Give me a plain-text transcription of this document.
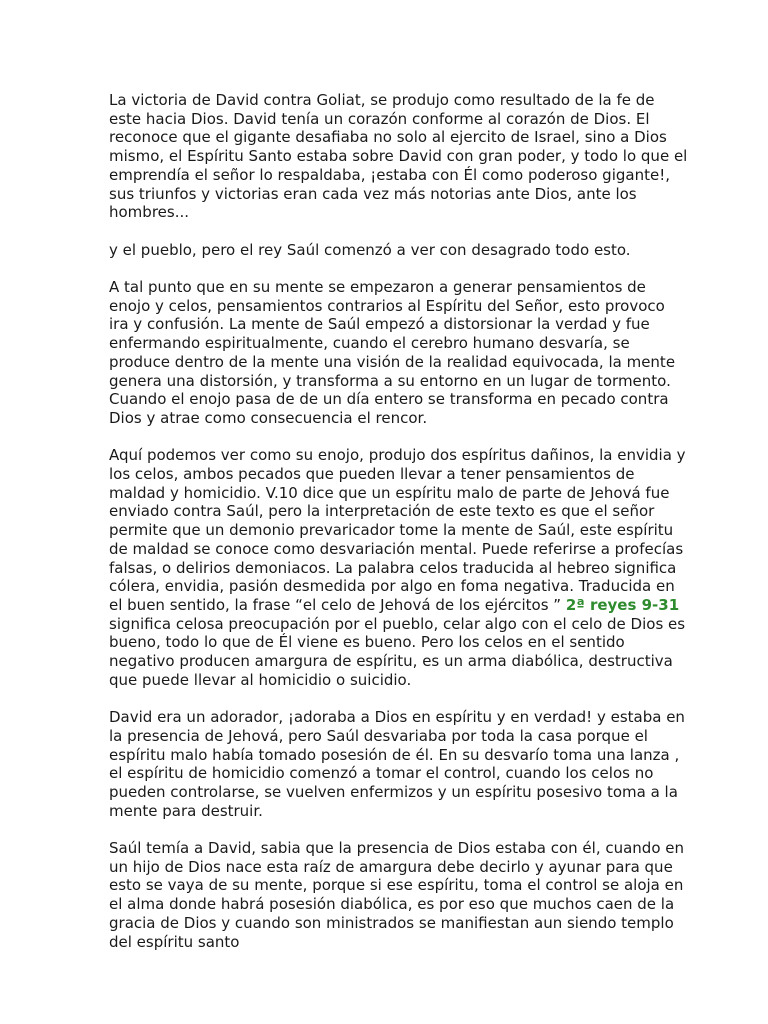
La victoria de David contra Goliat, se produjo como resultado de la fe de este hacia Dios. David tenía un corazón conforme al corazón de Dios. El reconoce que el gigante desafiaba no solo al ejercito de Israel, sino a Dios mismo, el Espíritu Santo estaba sobre David con gran poder, y todo lo que el emprendía el señor lo respaldaba, ¡estaba con Él como poderoso gigante!, sus triunfos y victorias eran cada vez más notorias ante Dios, ante los hombres...

y el pueblo, pero el rey Saúl comenzó a ver con desagrado todo esto.

A tal punto que en su mente se empezaron a generar pensamientos de enojo y celos, pensamientos contrarios al Espíritu del Señor, esto provoco ira y confusión. La mente de Saúl empezó a distorsionar la verdad y fue enfermando espiritualmente, cuando el cerebro humano desvaría, se produce dentro de la mente una visión de la realidad equivocada, la mente genera una distorsión, y transforma a su entorno en un lugar de tormento. Cuando el enojo pasa de de un día entero se transforma en pecado contra Dios y atrae como consecuencia el rencor.

Aquí podemos ver como su enojo, produjo dos espíritus dañinos, la envidia y los celos, ambos pecados que pueden llevar a tener pensamientos de maldad y homicidio. V.10 dice que un espíritu malo de parte de Jehová fue enviado contra Saúl, pero la interpretación de este texto es que el señor permite que un demonio prevaricador tome la mente de Saúl, este espíritu de maldad se conoce como desvariación mental. Puede referirse a profecías falsas, o delirios demoniacos. La palabra celos traducida al hebreo significa cólera, envidia, pasión desmedida por algo en foma negativa. Traducida en el buen sentido, la frase “el celo de Jehová de los ejércitos ” 2ª reyes 9-31 significa celosa preocupación por el pueblo, celar algo con el celo de Dios es bueno, todo lo que de Él viene es bueno. Pero los celos en el sentido negativo producen amargura de espíritu, es un arma diabólica, destructiva que puede llevar al homicidio o suicidio.

David era un adorador, ¡adoraba a Dios en espíritu y en verdad! y estaba en la presencia de Jehová, pero Saúl desvariaba por toda la casa porque el espíritu malo había tomado posesión de él. En su desvarío toma una lanza , el espíritu de homicidio comenzó a tomar el control, cuando los celos no pueden controlarse, se vuelven enfermizos y un espíritu posesivo toma a la mente para destruir.

Saúl temía a David, sabia que la presencia de Dios estaba con él, cuando en un hijo de Dios nace esta raíz de amargura debe decirlo y ayunar para que esto se vaya de su mente, porque si ese espíritu, toma el control se aloja en el alma donde habrá posesión diabólica, es por eso que muchos caen de la gracia de Dios y cuando son ministrados se manifiestan aun siendo templo del espíritu santo
